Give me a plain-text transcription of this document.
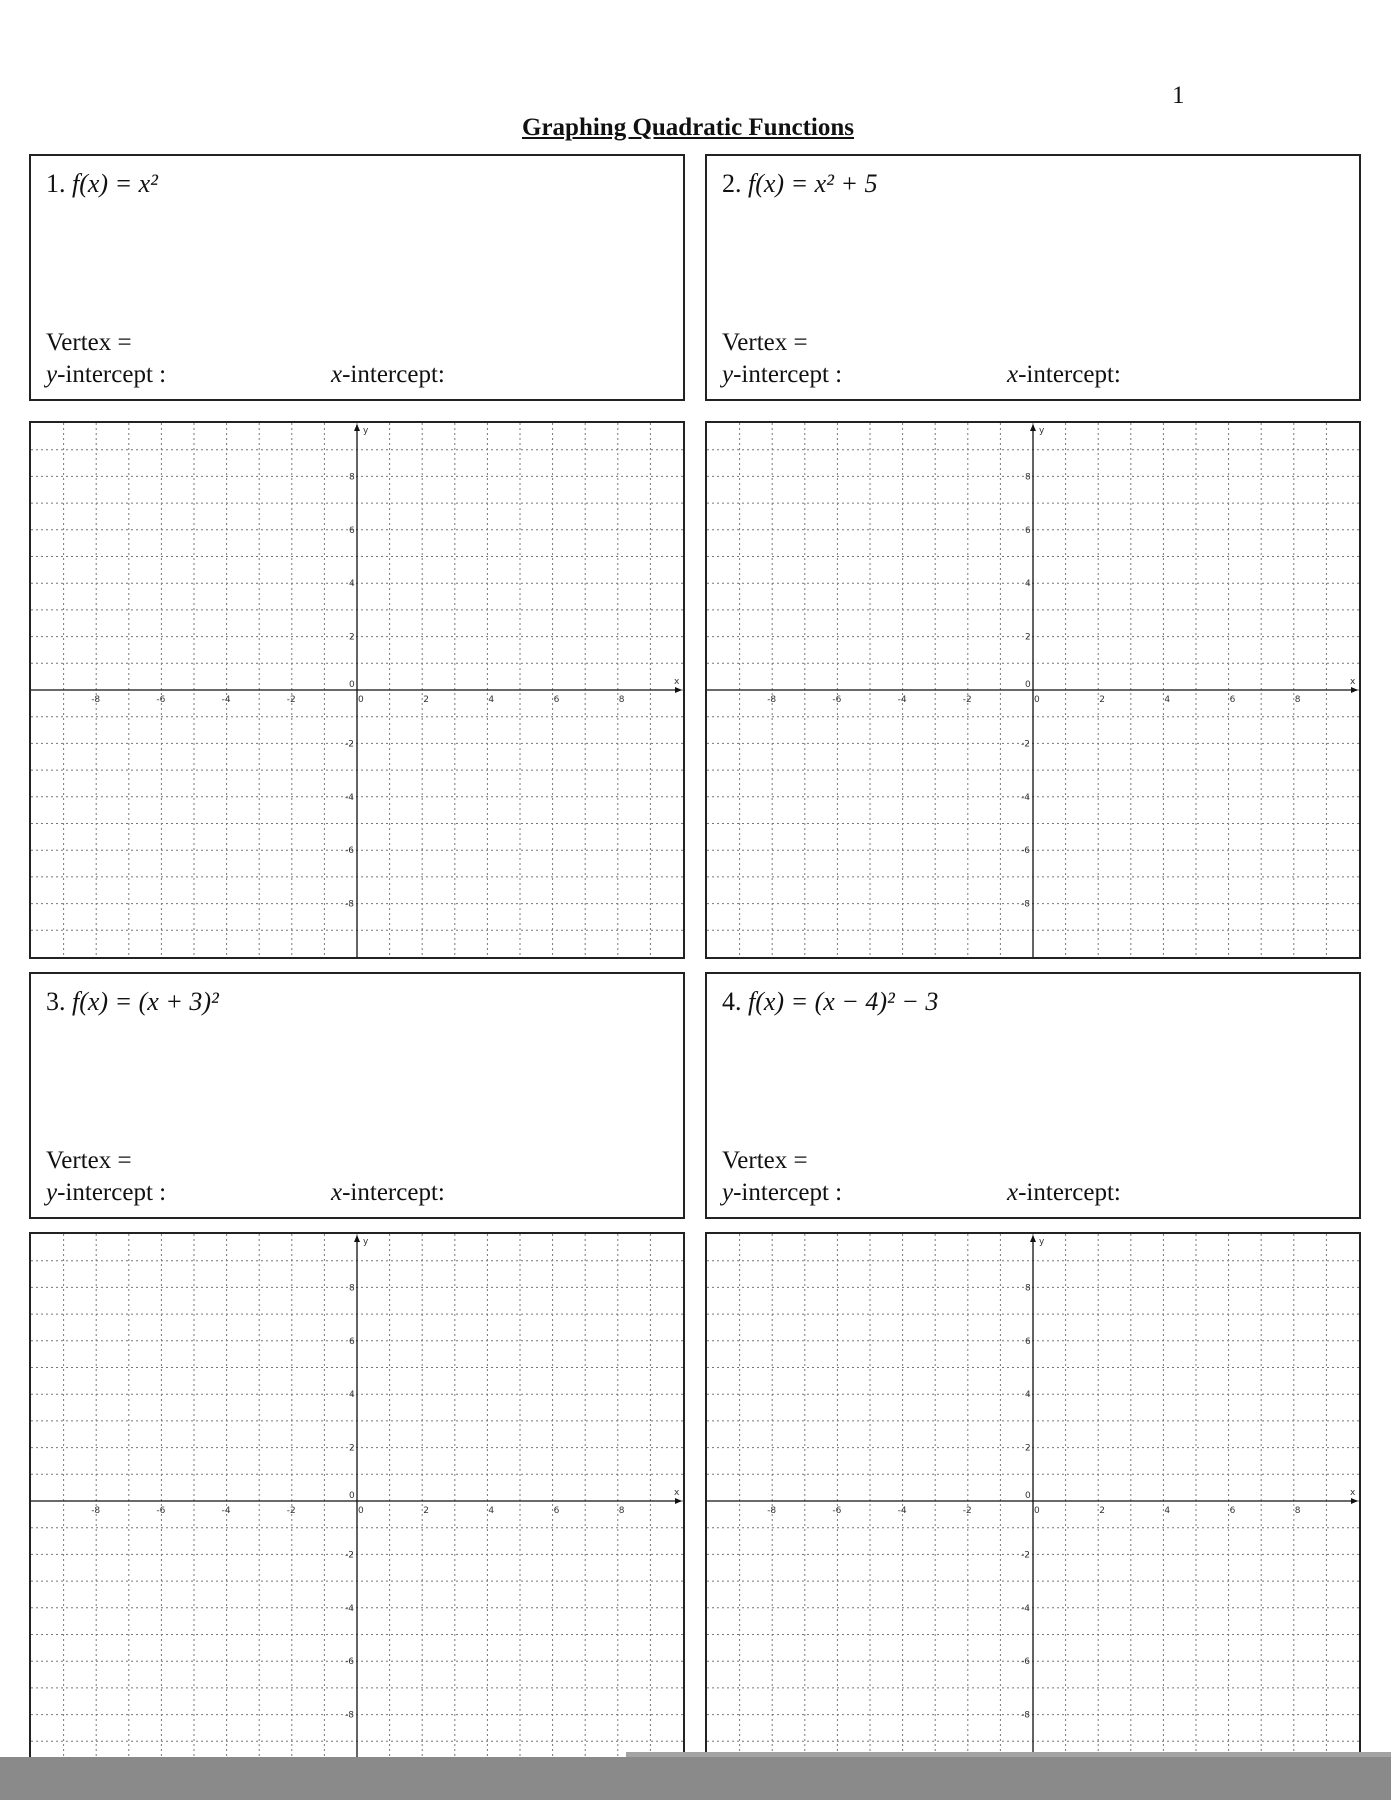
1
Graphing Quadratic Functions
1. f(x) = x²
Vertex =
y-intercept :	x-intercept:
x
y
-8	-6	-4	-2	0	2	4	6	8
8
6
4
2
-2
-4
-6
-8
0
2. f(x) = x² + 5
Vertex =
y-intercept :	x-intercept:
x
y
-8	-6	-4	-2	0	2	4	6	8
8
6
4
2
-2
-4
-6
-8
0
3. f(x) = (x + 3)²
Vertex =
y-intercept :	x-intercept:
x
y
-8	-6	-4	-2	0	2	4	6	8
8
6
4
2
-2
-4
-6
-8
0
4. f(x) = (x − 4)² − 3
Vertex =
y-intercept :	x-intercept:
x
y
-8	-6	-4	-2	0	2	4	6	8
8
6
4
2
-2
-4
-6
-8
0
